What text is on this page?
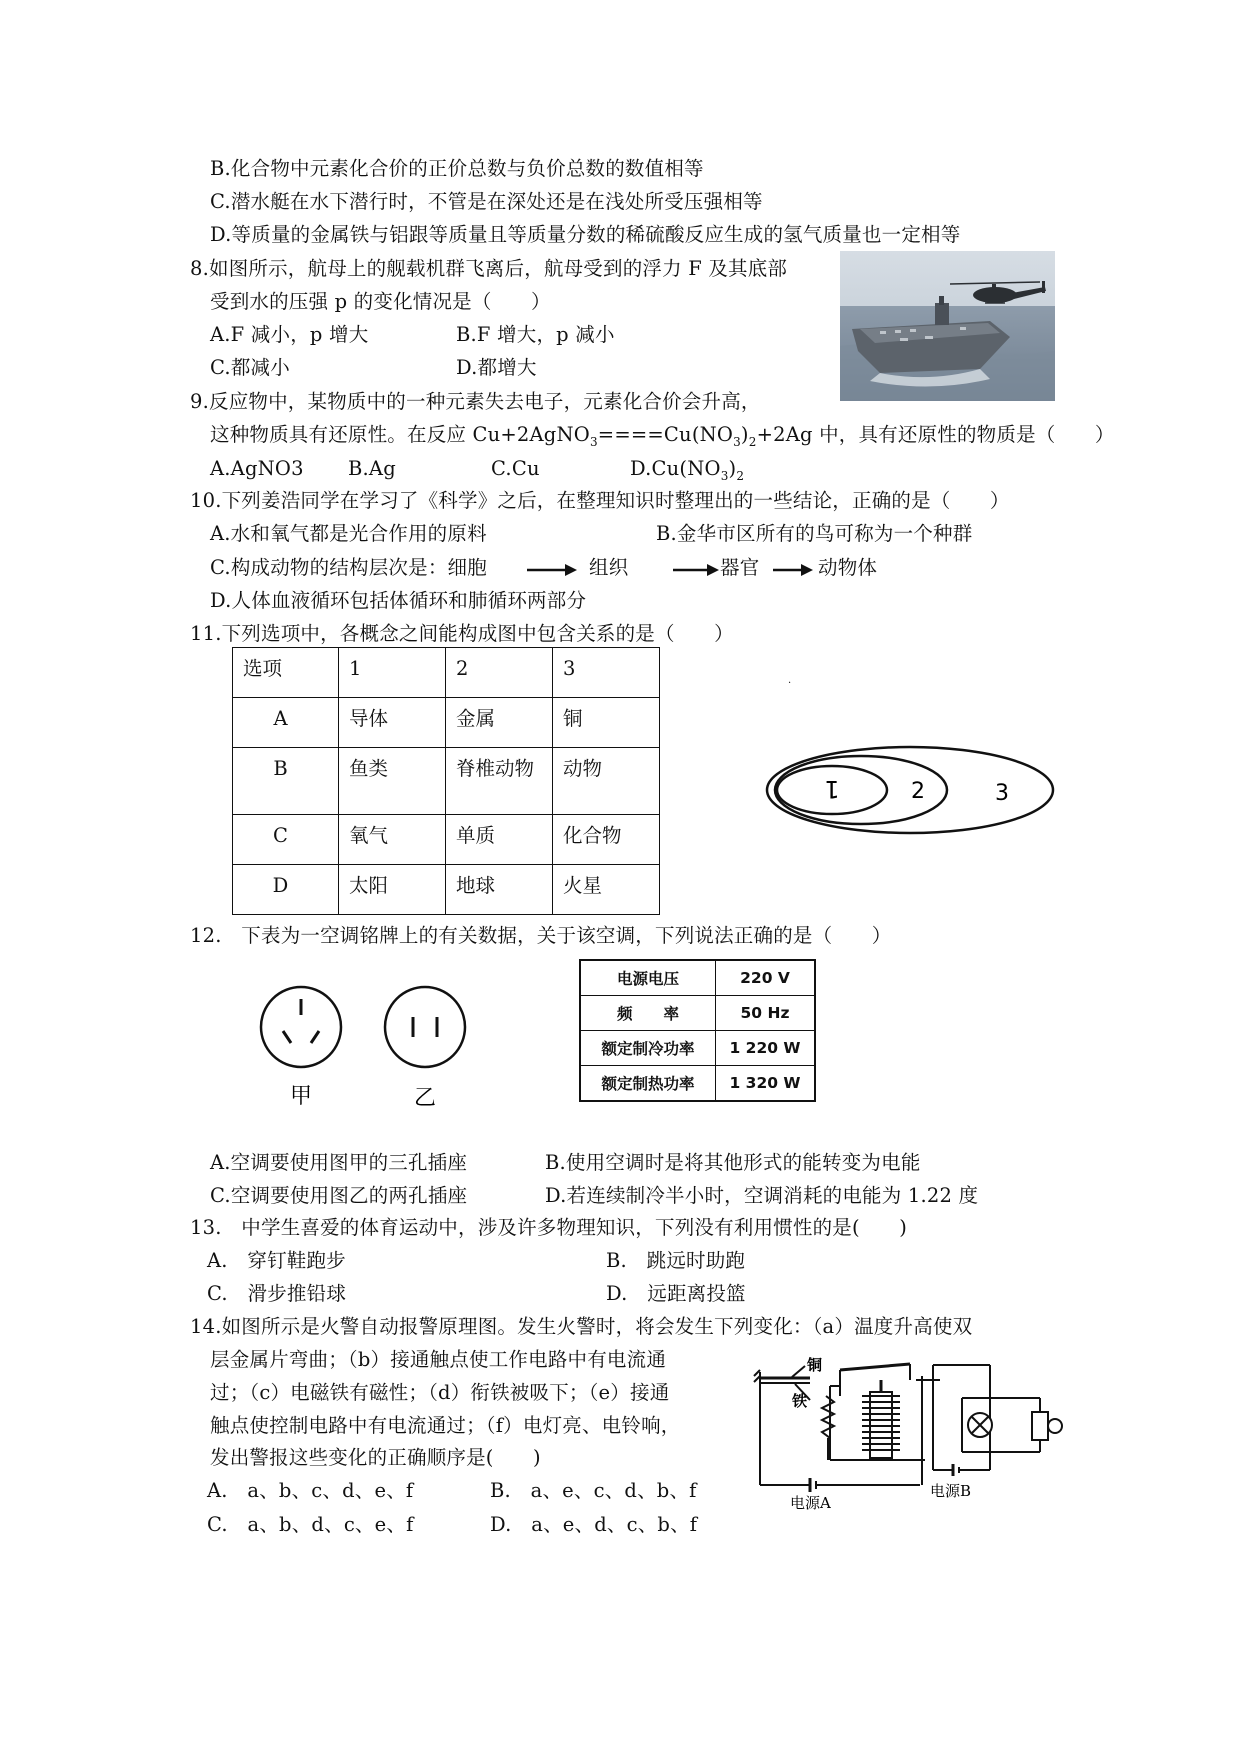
B.化合物中元素化合价的正价总数与负价总数的数值相等
C.潜水艇在水下潜行时，不管是在深处还是在浅处所受压强相等
D.等质量的金属铁与铝跟等质量且等质量分数的稀硫酸反应生成的氢气质量也一定相等
8.如图所示，航母上的舰载机群飞离后，航母受到的浮力 F 及其底部
受到水的压强 p 的变化情况是（　　）
A.F 减小，p 增大	B.F 增大，p 减小
C.都减小	D.都增大
9.反应物中，某物质中的一种元素失去电子，元素化合价会升高，
这种物质具有还原性。在反应 $Cu+2AgNO_3====Cu(NO_3)_2+2Ag$ 中，具有还原性的物质是（　　）
A.AgNO3 B.Ag	C.Cu	$D.Cu(NO_3)_2$
10.下列姜浩同学在学习了《科学》之后，在整理知识时整理出的一些结论，正确的是（　　）
A.水和氧气都是光合作用的原料	B.金华市区所有的鸟可称为一个种群
C.构成动物的结构层次是：细胞	组织	器官	动物体
D.人体血液循环包括体循环和肺循环两部分
11.下列选项中，各概念之间能构成图中包含关系的是（　　）
选项	1	2	3
A	导体	金属	铜
B	鱼类	脊椎动物	动物
C	氧气	单质	化合物
D	太阳	地球	火星
.
1	2	3
12.　下表为一空调铭牌上的有关数据，关于该空调，下列说法正确的是（　　）
甲	乙
电源电压	220 V
频　　率	50 Hz
额定制冷功率	1 220 W
额定制热功率	1 320 W
A.空调要使用图甲的三孔插座	B.使用空调时是将其他形式的能转变为电能
C.空调要使用图乙的两孔插座	D.若连续制冷半小时，空调消耗的电能为 1.22 度
13.　中学生喜爱的体育运动中，涉及许多物理知识，下列没有利用惯性的是(　　)
A.　穿钉鞋跑步	B.　跳远时助跑
C.　滑步推铅球	D.　远距离投篮
14.如图所示是火警自动报警原理图。发生火警时，将会发生下列变化：（a）温度升高使双
层金属片弯曲；（b）接通触点使工作电路中有电流通
过；（c）电磁铁有磁性；（d）衔铁被吸下；（e）接通
触点使控制电路中有电流通过；（f）电灯亮、电铃响，
发出警报这些变化的正确顺序是(　　)
A.　a、b、c、d、e、f	B.　a、e、c、d、b、f
C.　a、b、d、c、e、f	D.　a、e、d、c、b、f
铜
铁
电源A
电源B
